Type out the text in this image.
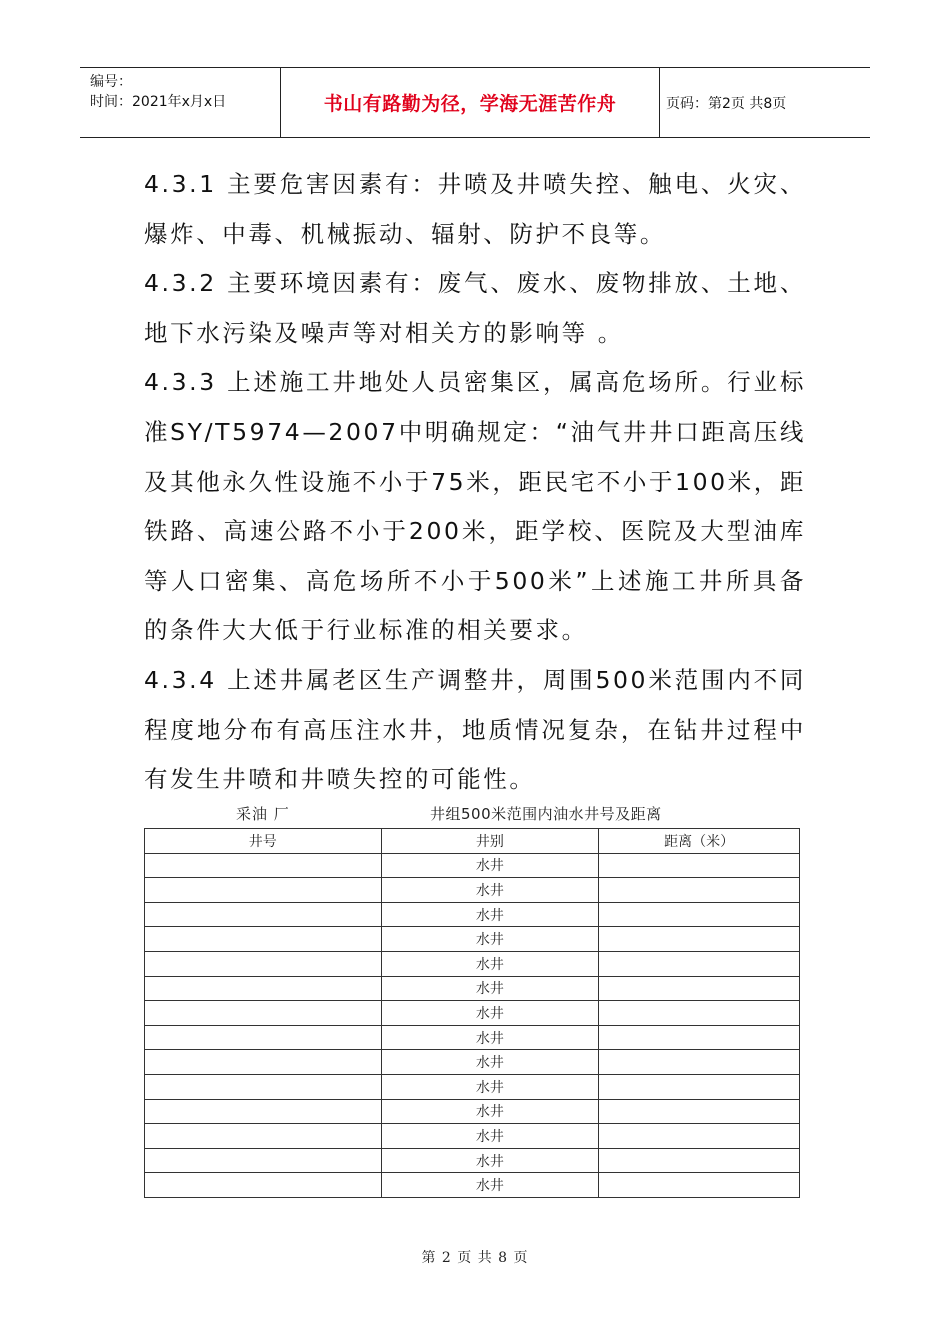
编号：
时间：2021年x月x日	书山有路勤为径，学海无涯苦作舟	页码：第2页 共8页

4.3.1 主要危害因素有：井喷及井喷失控、触电、火灾、爆炸、中毒、机械振动、辐射、防护不良等。

4.3.2 主要环境因素有：废气、废水、废物排放、土地、地下水污染及噪声等对相关方的影响等 。

4.3.3 上述施工井地处人员密集区，属高危场所。行业标准SY/T5974—2007中明确规定：“油气井井口距高压线及其他永久性设施不小于75米，距民宅不小于100米，距铁路、高速公路不小于200米，距学校、医院及大型油库等人口密集、高危场所不小于500米”上述施工井所具备的条件大大低于行业标准的相关要求。

4.3.4 上述井属老区生产调整井，周围500米范围内不同程度地分布有高压注水井，地质情况复杂，在钻井过程中有发生井喷和井喷失控的可能性。

采油 厂	井组500米范围内油水井号及距离
井号	井别	距离（米）
	水井	
	水井	
	水井	
	水井	
	水井	
	水井	
	水井	
	水井	
	水井	
	水井	
	水井	
	水井	
	水井	
	水井	
第 2 页 共 8 页
